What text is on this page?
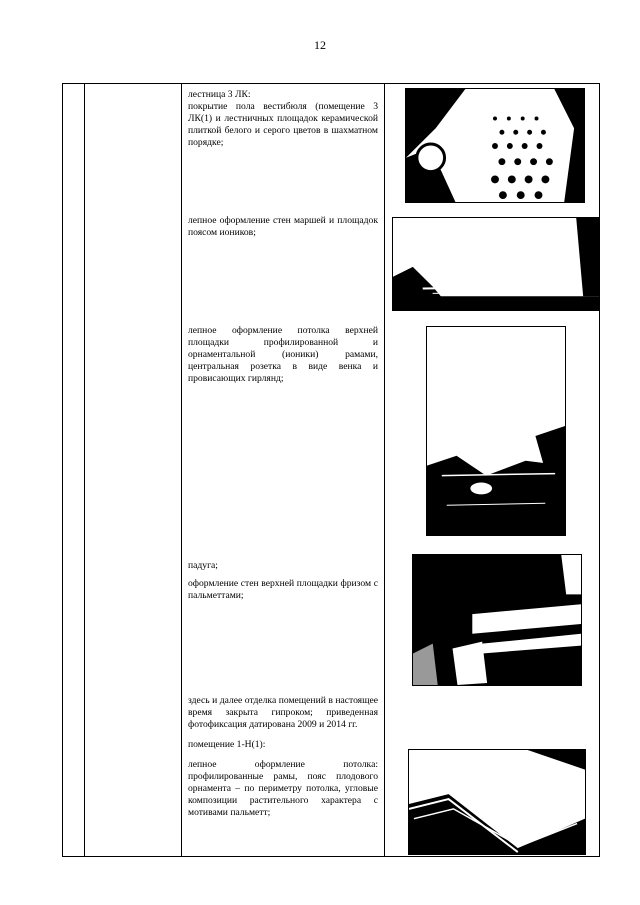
12

лестница 3 ЛК:

покрытие пола вестибюля (помещение 3 ЛК(1) и лестничных площадок керамической плиткой белого и серого цветов в шахматном порядке;

лепное оформление стен маршей и площадок поясом иоников;

лепное оформление потолка верхней площадки профилированной и орнаментальной (ионики) рамами, центральная розетка в виде венка и провисающих гирлянд;

падуга;

оформление стен верхней площадки фризом с пальметтами;

здесь и далее отделка помещений в настоящее время закрыта гипроком; приведенная фотофиксация датирована 2009 и 2014 гг.

помещение 1-Н(1):

лепное оформление потолка: профилированные рамы, пояс плодового орнамента – по периметру потолка, угловые композиции растительного характера с мотивами пальметт;
